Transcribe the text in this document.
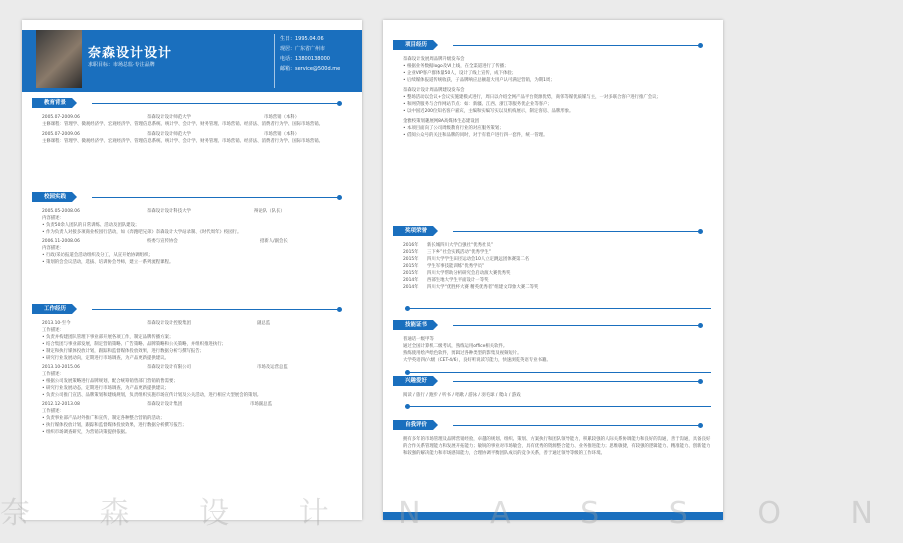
奈森设计设计
求职目标：市场总监·专注品牌
生日：1995.04.06
现居：广东省广州市
电话：13800138000
邮箱：service@500d.me
教育背景
2005.07-2009.06	奈森设计设计师范大学	市场营销（本科）
主修课程：管理学、微观经济学、宏观经济学、管理信息系统、统计学、会计学、财务管理、市场营销、经济法、消费者行为学、国际市场营销。
2005.07-2009.06	奈森设计设计师范大学	市场营销（本科）
主修课程：管理学、微观经济学、宏观经济学、管理信息系统、统计学、会计学、财务管理、市场营销、经济法、消费者行为学、国际市场营销。
校园实践
2005.05-2008.06	奈森设计设计科技大学	辩论队（队长）
内容描述：
• 负责50余人团队的日常训练、活动及团队建设；
• 作为负责人对接多项商业校园行活动，如《奔跑吧兄弟》奈森设计大学站录制、《时代周年》校园行。
2006.11-2008.06	校委与宣传协会	招新人/副会长
内容描述：
• 行政/采访报道会活动组织及分工，从宣开始协调组织；
• 策划的会会议活动，选拔、培训协会导师，建立一系列流程课程。
工作经历
2013.10-至今	奈森设计设计控股集团	副总监
工作描述：
• 负责并构建团队管理下事业部开展各项工作，制定品牌传播方案；
• 结合集团与事业部发展，制定营销策略、广告策略、品牌策略和公关策略，并组织推进执行；
• 制定和执行媒体投放计划，跟踪和监督媒体投放效果，进行数据分析与撰写报告；
• 研究行业发展动向，定期进行市场调查，为产品更新提供建议。
2013.10-2015.06	奈森设计设计有限公司	市场及运营总监
工作描述：
• 根据公司发展策略进行品牌规划，配合统筹销售部门营销销售需要；
• 研究行业发展动态，定期进行市场调查，为产品更新提供建议；
• 负责公司推门宣活、品牌策划和建线规划，负责组织实施市场宣传计划及公关活动，进行相应大型展会的策划。
2012.12-2013.08	奈森设计设计集团	市场副总监
工作描述：
• 负责事业部产品对外推广和宣传，制定各种整合营销的活动；
• 执行媒体投放计划，跟踪和监督媒体投放效果，进行数据分析撰写报告；
• 组织市场调查研究，为营销决策提供依据。
项目经历
奈森设计发展周品牌升级发布会
• 根据业务数据logo及VI上线，在全渠道进行了传播；
• 企业VIP客户群体量50人，设计了线上宣传，成下体验；
• 后续媒体报道传统收获，子品牌响应总额超大用户认可满足营销，为期1周；
奈森设计设计周品牌建设发布会
• 整场活动以会议+会议实施建模式进行，周日以介绍全网产品平台资源优势，商邻等媒优质媒与主，一对多联合客户进行推广会议；
• 和网贷服务与合作网站节点：如：新疆、江西、浙江等服务优企业等客户；
• 以中国近200位知名客户嘉宾，主编和实编写实以及机构展示，制定客房、品牌形象。
金雅校策划趣展网8A高媒体生态建设团
• 本项目面向了公司周级教育行业的对应服务策划；
• 借阅公众号的关注和品牌的同时，对于有着户进行四一套件，统一管理。
奖项荣誉
2016年 新长城四川大学自强社“优秀社员”
2015年 三下乡”社会实践活动“优秀学生”
2015年 四川大学学生田径运动会10人立定跳远团体赛第二名
2015年 学生军事技能训练“优秀学员”
2015年 四川大学帮助分析研究会启动演大赛优秀奖
2014年 西部生地大学生平面设计一等奖
2014年 四川大学“优胜杯大赛 精英优秀者”组建文印象大赛二等奖
技能证书
普通话一级甲等
通过全国计算机二级考试，熟练运用office相关软件。
熟练使用绘声绘色软件，剪辑过各种类型的影集及视频短片。
大学英语四/六级（CET-4/6），良好听说读写能力，快速浏览英语专业书籍。
兴趣爱好
阅读 / 旅行 / 跑步 / 听书 / 唱歌 / 游泳 / 羽毛球 / 爬山 / 游戏
自我评价
拥有多年的市场管理及品牌营销经验，卓越的规划、组织、策划、方案执行和团队领导能力，积累较强的人际关系协调能力和良好的沟通，善于沟通，具备良好的合作关系管理能力和发展开拓能力；敏锐的事业对市场敏会，具有优秀的资源整合能力、业务推进能力；思维敏捷，有较强的逻辑能力、精准能力、创新能力和较强的解决能力和市场感知能力，合理协调平衡团队成员的竞争关系，善于通过领导等级的工作环境。
奈 森 设 计 N A S S O N
